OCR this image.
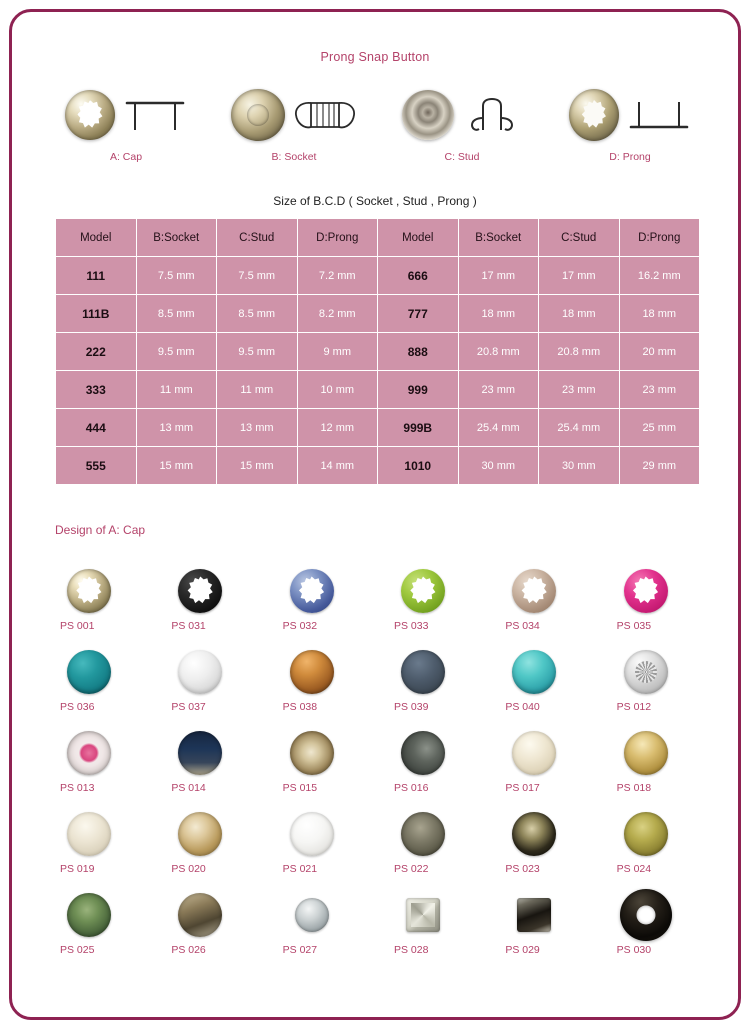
Prong Snap Button
A: Cap	B: Socket	C: Stud	D: Prong
Size of B.C.D ( Socket , Stud , Prong )
Model	B:Socket	C:Stud	D:Prong	Model	B:Socket	C:Stud	D:Prong
111	7.5 mm	7.5 mm	7.2 mm	666	17 mm	17 mm	16.2 mm
111B	8.5 mm	8.5 mm	8.2 mm	777	18 mm	18 mm	18 mm
222	9.5 mm	9.5 mm	9 mm	888	20.8 mm	20.8 mm	20 mm
333	11 mm	11 mm	10 mm	999	23 mm	23 mm	23 mm
444	13 mm	13 mm	12 mm	999B	25.4 mm	25.4 mm	25 mm
555	15 mm	15 mm	14 mm	1010	30 mm	30 mm	29 mm
Design of A: Cap
PS 001	PS 031	PS 032	PS 033	PS 034	PS 035
PS 036	PS 037	PS 038	PS 039	PS 040	PS 012
PS 013	PS 014	PS 015	PS 016	PS 017	PS 018
PS 019	PS 020	PS 021	PS 022	PS 023	PS 024
PS 025	PS 026	PS 027	PS 028	PS 029	PS 030
